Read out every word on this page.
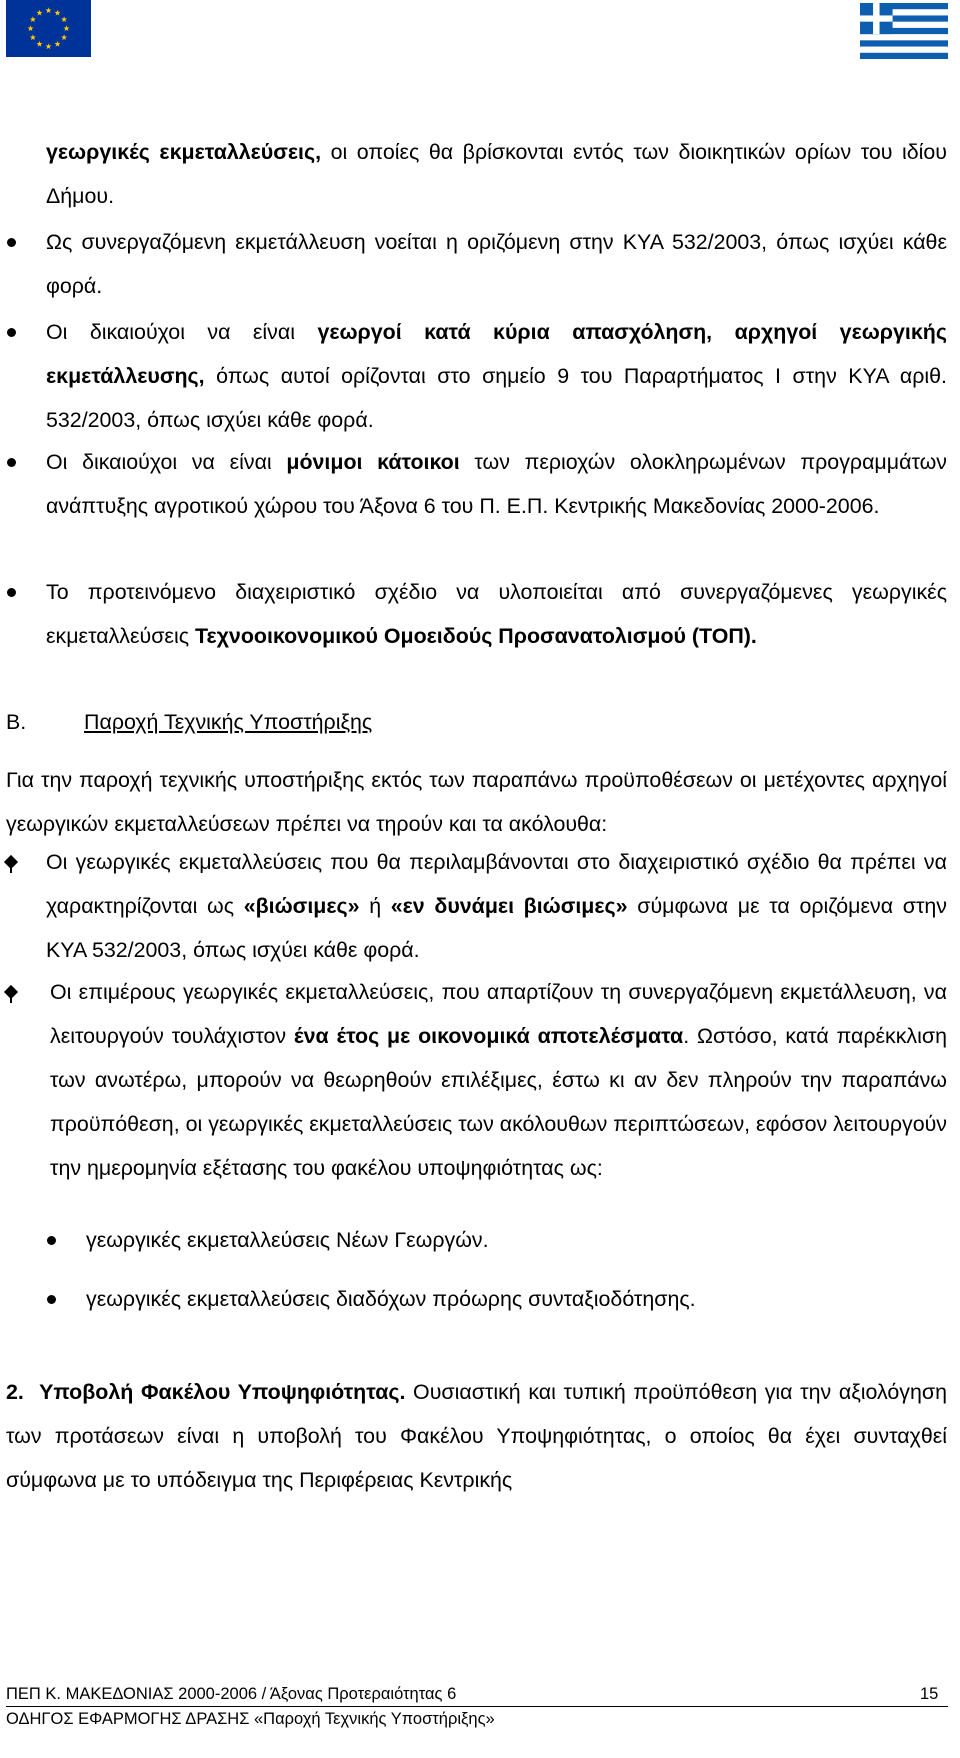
γεωργικές εκμεταλλεύσεις, οι οποίες θα βρίσκονται εντός των διοικητικών ορίων του ιδίου Δήμου.

Ως συνεργαζόμενη εκμετάλλευση νοείται η οριζόμενη στην ΚΥΑ 532/2003, όπως ισχύει κάθε φορά.

Οι δικαιούχοι να είναι γεωργοί κατά κύρια απασχόληση, αρχηγοί γεωργικής εκμετάλλευσης, όπως αυτοί ορίζονται στο σημείο 9 του Παραρτήματος Ι στην ΚΥΑ αριθ. 532/2003, όπως ισχύει κάθε φορά.

Οι δικαιούχοι να είναι μόνιμοι κάτοικοι των περιοχών ολοκληρωμένων προγραμμάτων ανάπτυξης αγροτικού χώρου του Άξονα 6 του Π. Ε.Π. Κεντρικής Μακεδονίας 2000-2006.

Το προτεινόμενο διαχειριστικό σχέδιο να υλοποιείται από συνεργαζόμενες γεωργικές εκμεταλλεύσεις Τεχνοοικονομικού Ομοειδούς Προσανατολισμού (ΤΟΠ).

Β.	Παροχή Τεχνικής Υποστήριξης

Για την παροχή τεχνικής υποστήριξης εκτός των παραπάνω προϋποθέσεων οι μετέχοντες αρχηγοί γεωργικών εκμεταλλεύσεων πρέπει να τηρούν και τα ακόλουθα:

Οι γεωργικές εκμεταλλεύσεις που θα περιλαμβάνονται στο διαχειριστικό σχέδιο θα πρέπει να χαρακτηρίζονται ως «βιώσιμες» ή «εν δυνάμει βιώσιμες» σύμφωνα με τα οριζόμενα στην ΚΥΑ 532/2003, όπως ισχύει κάθε φορά.

Οι επιμέρους γεωργικές εκμεταλλεύσεις, που απαρτίζουν τη συνεργαζόμενη εκμετάλλευση, να λειτουργούν τουλάχιστον ένα έτος με οικονομικά αποτελέσματα. Ωστόσο, κατά παρέκκλιση των ανωτέρω, μπορούν να θεωρηθούν επιλέξιμες, έστω κι αν δεν πληρούν την παραπάνω προϋπόθεση, οι γεωργικές εκμεταλλεύσεις των ακόλουθων περιπτώσεων, εφόσον λειτουργούν την ημερομηνία εξέτασης του φακέλου υποψηφιότητας ως:

γεωργικές εκμεταλλεύσεις Νέων Γεωργών.

γεωργικές εκμεταλλεύσεις διαδόχων πρόωρης συνταξιοδότησης.

2. Υποβολή Φακέλου Υποψηφιότητας. Ουσιαστική και τυπική προϋπόθεση για την αξιολόγηση των προτάσεων είναι η υποβολή του Φακέλου Υποψηφιότητας, ο οποίος θα έχει συνταχθεί σύμφωνα με το υπόδειγμα της Περιφέρειας Κεντρικής

ΠΕΠ Κ. ΜΑΚΕΔΟΝΙΑΣ 2000-2006 / Άξονας Προτεραιότητας 6	15
ΟΔΗΓΟΣ ΕΦΑΡΜΟΓΗΣ ΔΡΑΣΗΣ «Παροχή Τεχνικής Υποστήριξης»
